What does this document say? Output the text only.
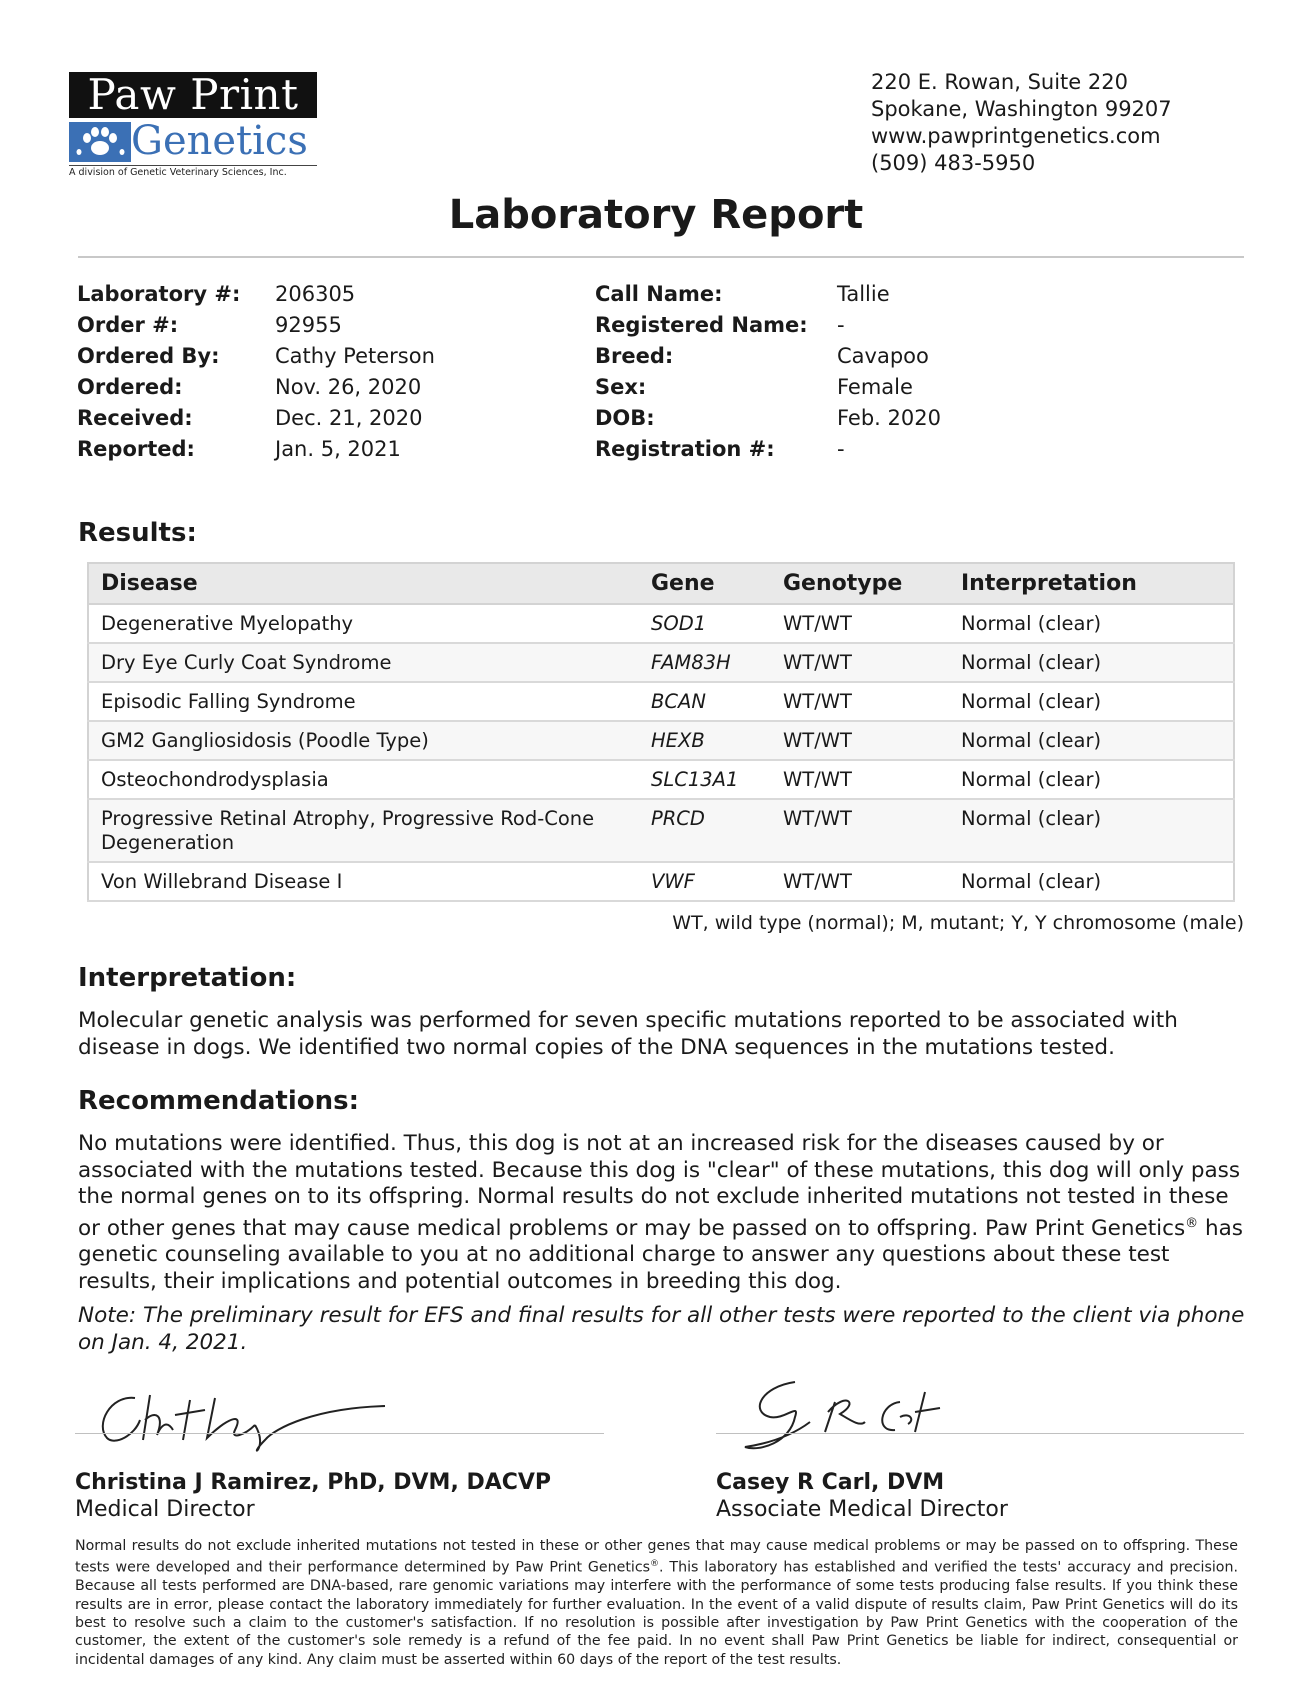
Paw Print
Genetics
A division of Genetic Veterinary Sciences, Inc.
220 E. Rowan, Suite 220
Spokane, Washington 99207
www.pawprintgenetics.com
(509) 483-5950
Laboratory Report
Laboratory #: 206305
Order #:	92955
Ordered By:	Cathy Peterson
Ordered:	Nov. 26, 2020
Received:	Dec. 21, 2020
Reported:	Jan. 5, 2021
Call Name:	Tallie
Registered Name: -
Breed:	Cavapoo
Sex:	Female
DOB:	Feb. 2020
Registration #:	-
Results:
Disease	Gene	Genotype	Interpretation
Degenerative Myelopathy	SOD1	WT/WT	Normal (clear)
Dry Eye Curly Coat Syndrome	FAM83H	WT/WT	Normal (clear)
Episodic Falling Syndrome	BCAN	WT/WT	Normal (clear)
GM2 Gangliosidosis (Poodle Type)	HEXB	WT/WT	Normal (clear)
Osteochondrodysplasia	SLC13A1	WT/WT	Normal (clear)
Progressive Retinal Atrophy, Progressive Rod-Cone Degeneration	PRCD	WT/WT	Normal (clear)
Von Willebrand Disease I	VWF	WT/WT	Normal (clear)
WT, wild type (normal); M, mutant; Y, Y chromosome (male)
Interpretation:
Molecular genetic analysis was performed for seven specific mutations reported to be associated with disease in dogs. We identified two normal copies of the DNA sequences in the mutations tested.
Recommendations:
No mutations were identified. Thus, this dog is not at an increased risk for the diseases caused by or associated with the mutations tested. Because this dog is "clear" of these mutations, this dog will only pass the normal genes on to its offspring. Normal results do not exclude inherited mutations not tested in these or other genes that may cause medical problems or may be passed on to offspring. Paw Print Genetics® has genetic counseling available to you at no additional charge to answer any questions about these test results, their implications and potential outcomes in breeding this dog.
Note: The preliminary result for EFS and final results for all other tests were reported to the client via phone on Jan. 4, 2021.
Christina J Ramirez, PhD, DVM, DACVP
Medical Director
Casey R Carl, DVM
Associate Medical Director
Normal results do not exclude inherited mutations not tested in these or other genes that may cause medical problems or may be passed on to offspring. These tests were developed and their performance determined by Paw Print Genetics®. This laboratory has established and verified the tests' accuracy and precision. Because all tests performed are DNA-based, rare genomic variations may interfere with the performance of some tests producing false results. If you think these results are in error, please contact the laboratory immediately for further evaluation. In the event of a valid dispute of results claim, Paw Print Genetics will do its best to resolve such a claim to the customer's satisfaction. If no resolution is possible after investigation by Paw Print Genetics with the cooperation of the customer, the extent of the customer's sole remedy is a refund of the fee paid. In no event shall Paw Print Genetics be liable for indirect, consequential or incidental damages of any kind. Any claim must be asserted within 60 days of the report of the test results.
